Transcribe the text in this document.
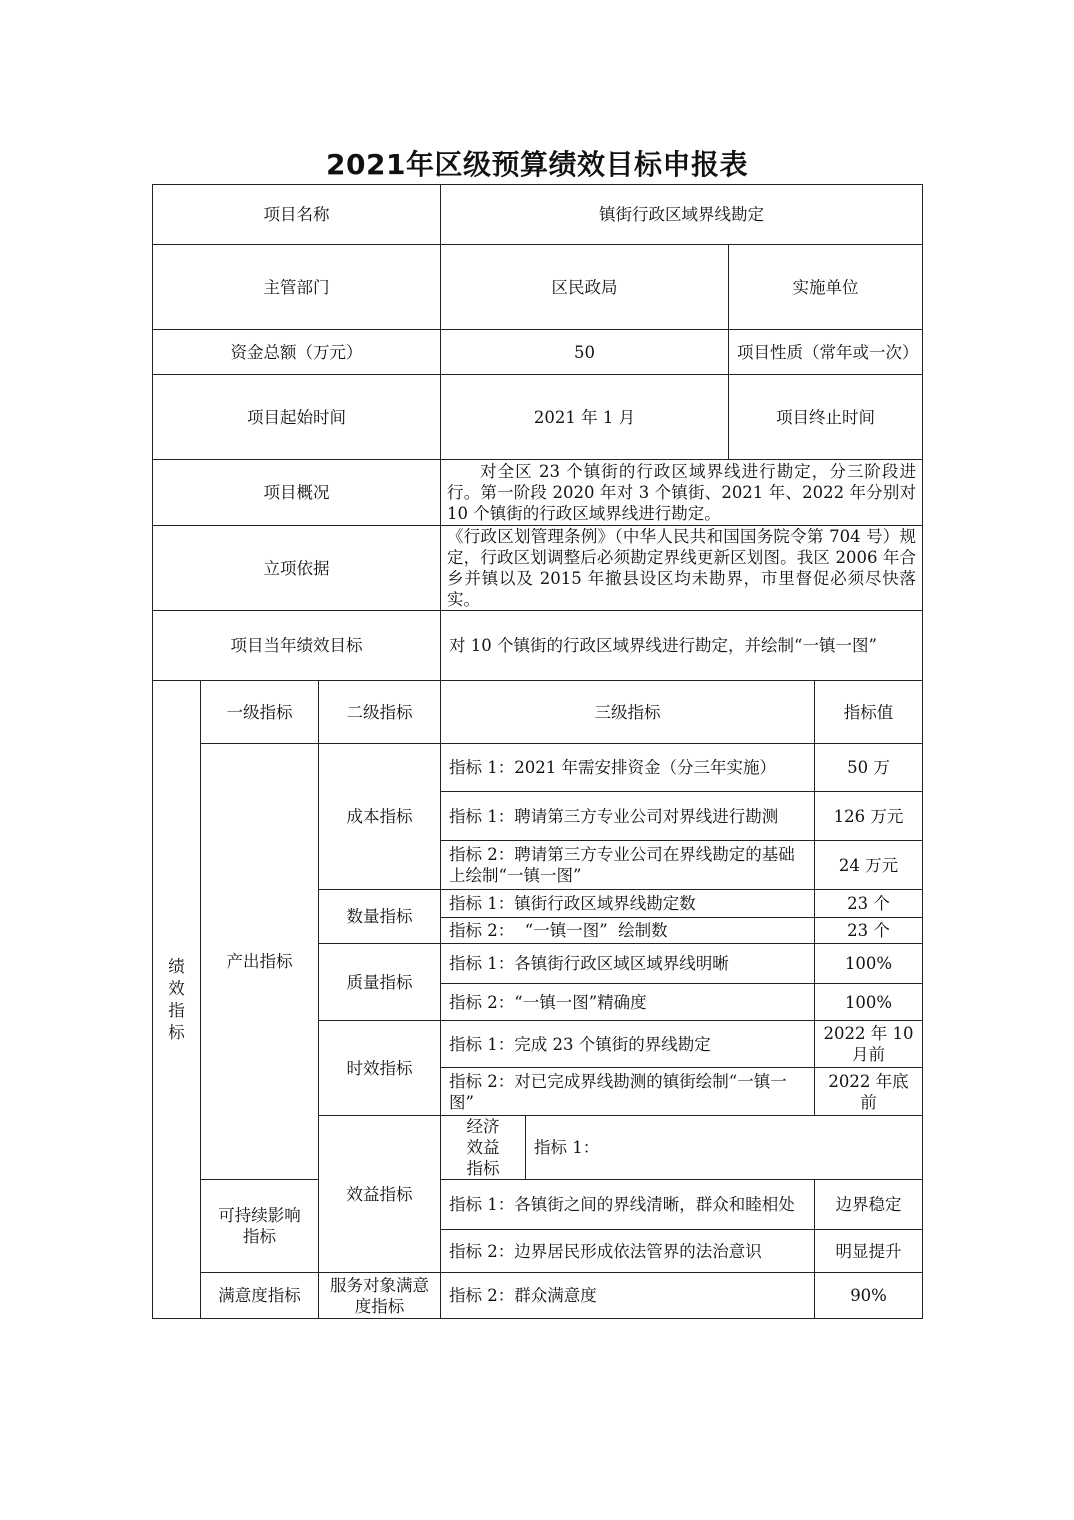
2021年区级预算绩效目标申报表
项目名称			镇街行政区域界线勘定				
主管部门			区民政局		实施单位	
资金总额（万元）			50		项目性质（常年或一次）	
项目起始时间			2021 年 1 月		项目终止时间	
项目概况			对全区 23 个镇街的行政区域界线进行勘定，分三阶段进行。第一阶段 2020 年对 3 个镇街、2021 年、2022 年分别对 10 个镇街的行政区域界线进行勘定。				
立项依据			《行政区划管理条例》（中华人民共和国国务院令第 704 号）规定，行政区划调整后必须勘定界线更新区划图。我区 2006 年合乡并镇以及 2015 年撤县设区均未勘界，市里督促必须尽快落实。				
项目当年绩效目标			对 10 个镇街的行政区域界线进行勘定，并绘制“一镇一图”				
绩效指标	一级指标	二级指标	三级指标			指标值	
	产出指标	成本指标	指标 1：2021 年需安排资金（分三年实施）			50 万	
			指标 1：聘请第三方专业公司对界线进行勘测			126 万元	
			指标 2：聘请第三方专业公司在界线勘定的基础上绘制“一镇一图”			24 万元	
		数量指标	指标 1：镇街行政区域界线勘定数			23 个	
			指标 2：  “一镇一图”  绘制数			23 个	
		质量指标	指标 1：各镇街行政区域区域界线明晰			100%	
			指标 2：“一镇一图”精确度			100%	
		时效指标	指标 1：完成 23 个镇街的界线勘定			2022 年 10 月前	
			指标 2：对已完成界线勘测的镇街绘制“一镇一图”			2022 年底前	
		效益指标	经济效益指标	指标 1：			
	可持续影响指标		指标 1：各镇街之间的界线清晰，群众和睦相处			边界稳定	
			指标 2：边界居民形成依法管界的法治意识			明显提升	
	满意度指标	服务对象满意度指标	指标 2：群众满意度			90%	
